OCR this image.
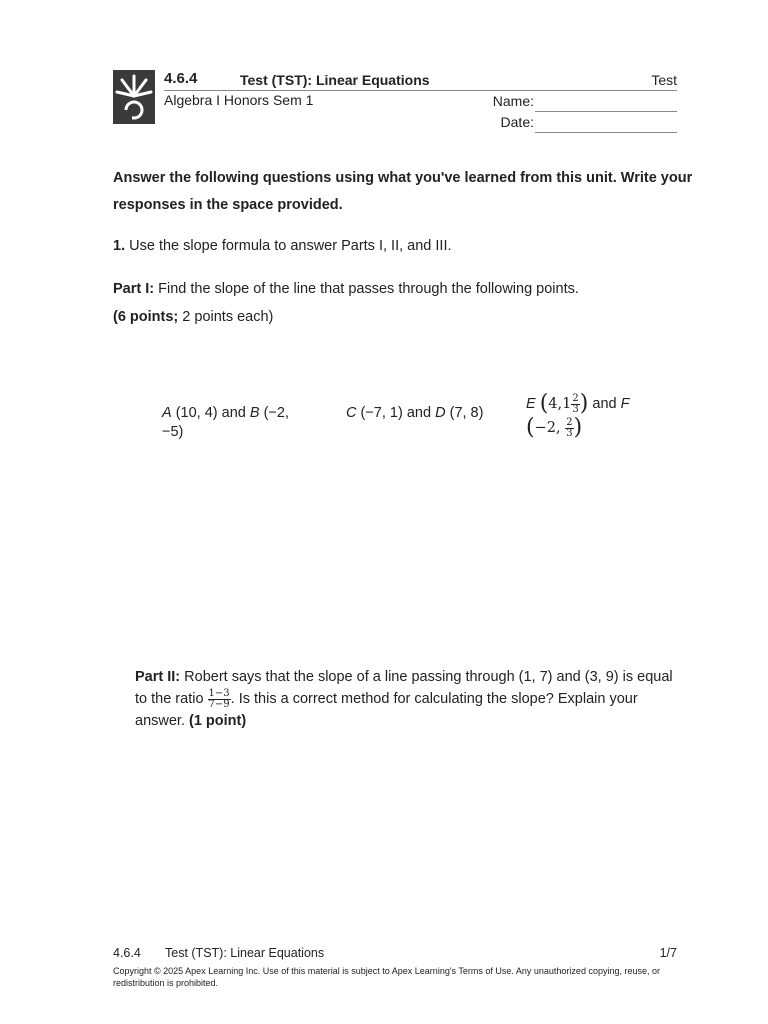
4.6.4	Test (TST): Linear Equations	Test
Algebra I Honors Sem 1	Name:
Date:
Answer the following questions using what you've learned from this unit. Write your responses in the space provided.
1. Use the slope formula to answer Parts I, II, and III.
Part I: Find the slope of the line that passes through the following points.
(6 points; 2 points each)
A (10, 4) and B (−2,
−5)
C (−7, 1) and D (7, 8)
E ($4,1 \frac{2}{3}$ ) and F
(−2, $\frac{2}{3}$ )
Part II: Robert says that the slope of a line passing through (1, 7) and (3, 9) is equal to the ratio $\frac{1-3}{7-9}$ . Is this a correct method for calculating the slope? Explain your answer. (1 point)
4.6.4 Test (TST): Linear Equations	1/7
Copyright © 2025 Apex Learning Inc. Use of this material is subject to Apex Learning's Terms of Use. Any unauthorized copying, reuse, or redistribution is prohibited.
